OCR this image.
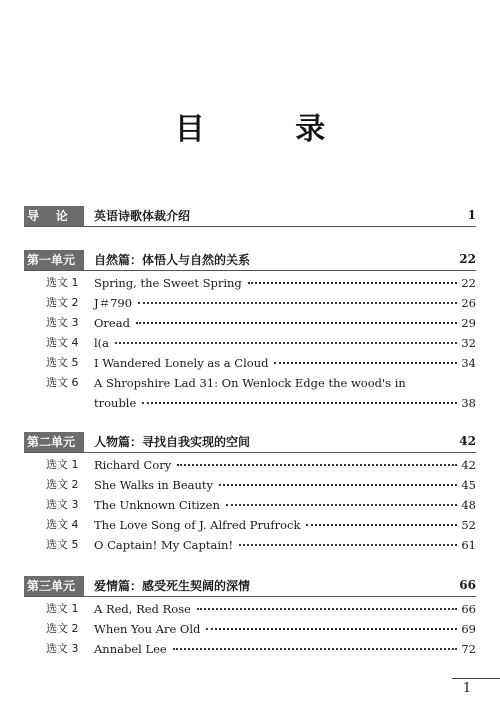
目 录
导    论	英语诗歌体裁介绍	1
第一单元	自然篇：体悟人与自然的关系	22
选文 1	Spring, the Sweet Spring	22
选文 2	J＃790	26
选文 3	Oread	29
选文 4	l(a	32
选文 5	I Wandered Lonely as a Cloud	34
选文 6	A Shropshire Lad 31: On Wenlock Edge the wood's in
trouble	38
第二单元	人物篇：寻找自我实现的空间	42
选文 1	Richard Cory	42
选文 2	She Walks in Beauty	45
选文 3	The Unknown Citizen	48
选文 4	The Love Song of J. Alfred Prufrock	52
选文 5	O Captain! My Captain!	61
第三单元	爱情篇：感受死生契阔的深情	66
选文 1	A Red, Red Rose	66
选文 2	When You Are Old	69
选文 3	Annabel Lee	72
1
